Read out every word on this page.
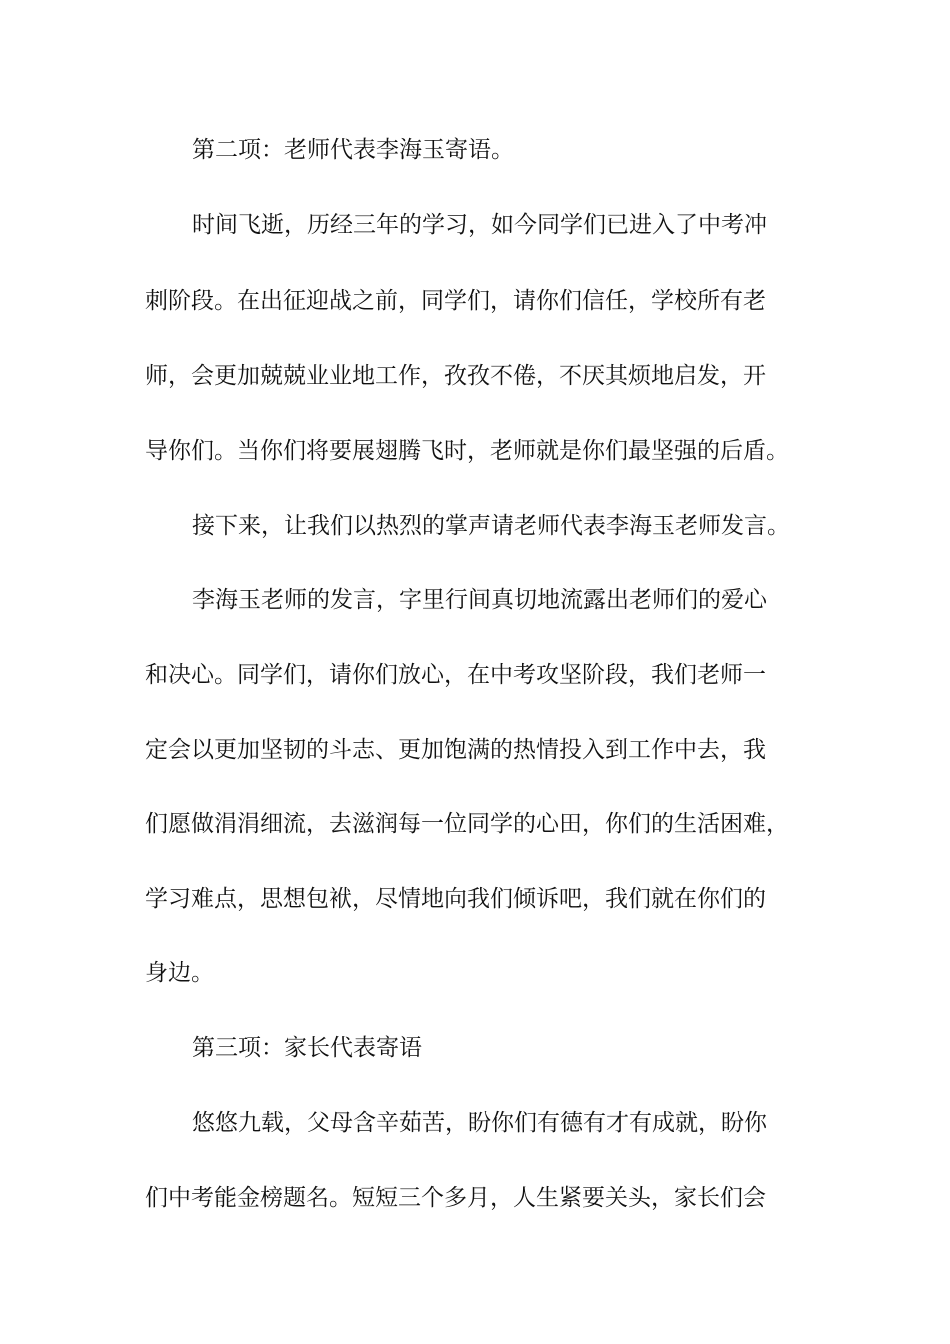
第二项：老师代表李海玉寄语。
时间飞逝，历经三年的学习，如今同学们已进入了中考冲
刺阶段。在出征迎战之前，同学们，请你们信任，学校所有老
师，会更加兢兢业业地工作，孜孜不倦，不厌其烦地启发，开
导你们。当你们将要展翅腾飞时，老师就是你们最坚强的后盾。
接下来，让我们以热烈的掌声请老师代表李海玉老师发言。
李海玉老师的发言，字里行间真切地流露出老师们的爱心
和决心。同学们，请你们放心，在中考攻坚阶段，我们老师一
定会以更加坚韧的斗志、更加饱满的热情投入到工作中去，我
们愿做涓涓细流，去滋润每一位同学的心田，你们的生活困难，
学习难点，思想包袱，尽情地向我们倾诉吧，我们就在你们的
身边。
第三项：家长代表寄语
悠悠九载，父母含辛茹苦，盼你们有德有才有成就，盼你
们中考能金榜题名。短短三个多月，人生紧要关头，家长们会
